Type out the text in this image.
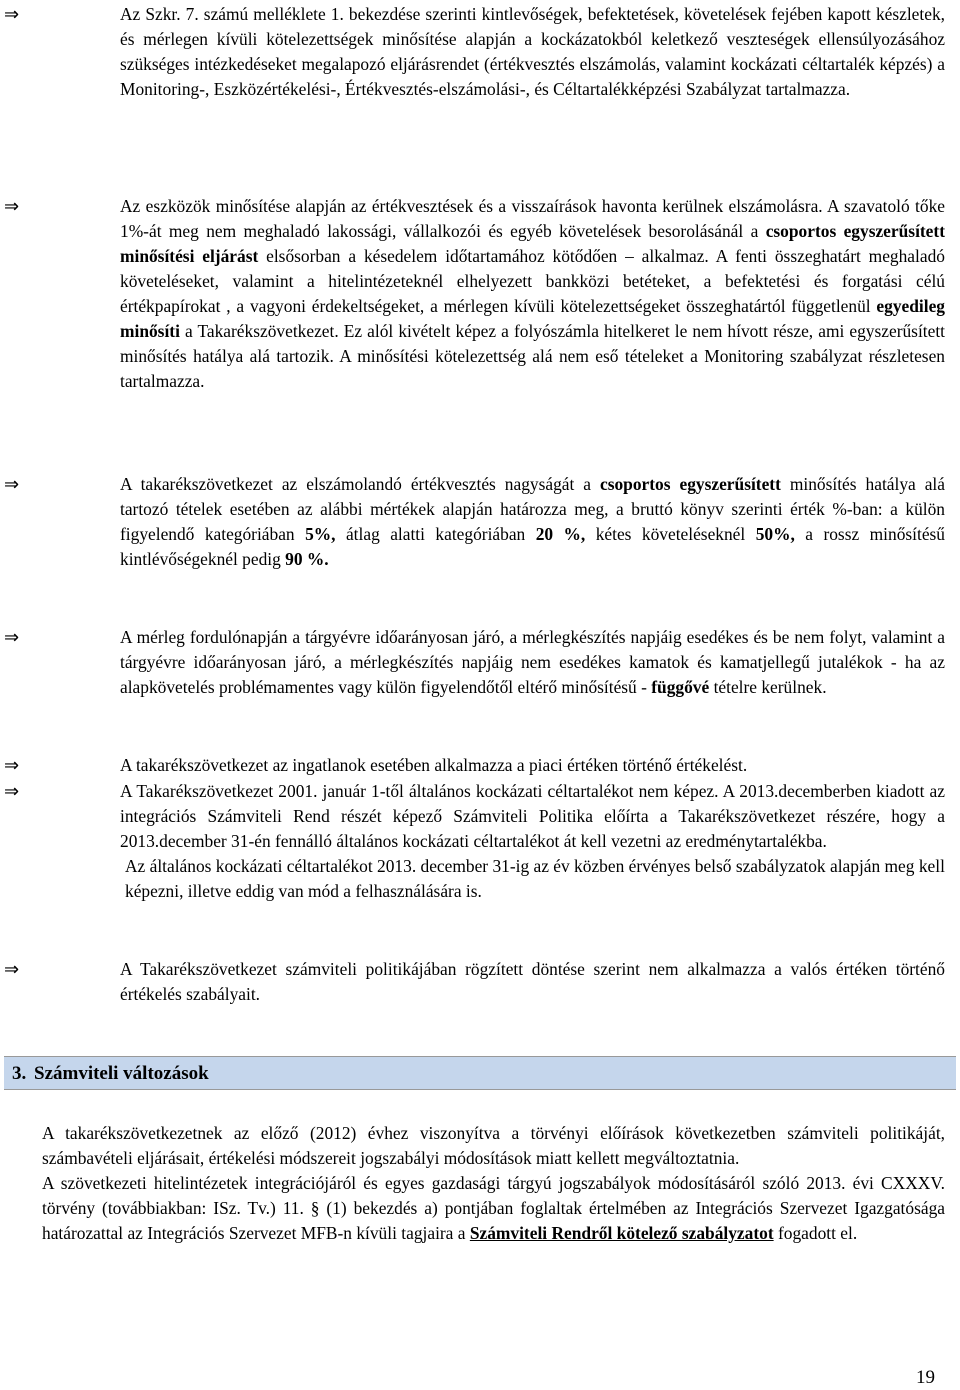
⇒	Az Szkr. 7. számú melléklete 1. bekezdése szerinti kintlevőségek, befektetések, követelések fejében kapott készletek, és mérlegen kívüli kötelezettségek minősítése alapján a kockázatokból keletkező veszteségek ellensúlyozásához szükséges intézkedéseket megalapozó eljárásrendet (értékvesztés elszámolás, valamint kockázati céltartalék képzés) a Monitoring-, Eszközértékelési-, Értékvesztés-elszámolási-, és Céltartalékképzési Szabályzat tartalmazza.

⇒	Az eszközök minősítése alapján az értékvesztések és a visszaírások havonta kerülnek elszámolásra. A szavatoló tőke 1%-át meg nem meghaladó lakossági, vállalkozói és egyéb követelések besorolásánál a csoportos egyszerűsített minősítési eljárást elsősorban a késedelem időtartamához kötődően – alkalmaz. A fenti összeghatárt meghaladó követeléseket, valamint a hitelintézeteknél elhelyezett bankközi betéteket, a befektetési és forgatási célú értékpapírokat , a vagyoni érdekeltségeket, a mérlegen kívüli kötelezettségeket összeghatártól függetlenül egyedileg minősíti a Takarékszövetkezet. Ez alól kivételt képez a folyószámla hitelkeret le nem hívott része, ami egyszerűsített minősítés hatálya alá tartozik. A minősítési kötelezettség alá nem eső tételeket a Monitoring szabályzat részletesen tartalmazza.

⇒	A takarékszövetkezet az elszámolandó értékvesztés nagyságát a csoportos egyszerűsített minősítés hatálya alá tartozó tételek esetében az alábbi mértékek alapján határozza meg, a bruttó könyv szerinti érték %-ban: a külön figyelendő kategóriában 5%, átlag alatti kategóriában 20 %, kétes követeléseknél 50%, a rossz minősítésű kintlévőségeknél pedig 90 %.

⇒	A mérleg fordulónapján a tárgyévre időarányosan járó, a mérlegkészítés napjáig esedékes és be nem folyt, valamint a tárgyévre időarányosan járó, a mérlegkészítés napjáig nem esedékes kamatok és kamatjellegű jutalékok - ha az alapkövetelés problémamentes vagy külön figyelendőtől eltérő minősítésű - függővé tételre kerülnek.

⇒	A takarékszövetkezet az ingatlanok esetében alkalmazza a piaci értéken történő értékelést.

⇒	A Takarékszövetkezet 2001. január 1-től általános kockázati céltartalékot nem képez. A 2013.decemberben kiadott az integrációs Számviteli Rend részét képező Számviteli Politika előírta a Takarékszövetkezet részére, hogy a 2013.december 31-én fennálló általános kockázati céltartalékot át kell vezetni az eredménytartalékba.

Az általános kockázati céltartalékot 2013. december 31-ig az év közben érvényes belső szabályzatok alapján meg kell képezni, illetve eddig van mód a felhasználására is.

⇒	A Takarékszövetkezet számviteli politikájában rögzített döntése szerint nem alkalmazza a valós értéken történő értékelés szabályait.

3. Számviteli változások

A takarékszövetkezetnek az előző (2012) évhez viszonyítva a törvényi előírások következetben számviteli politikáját, számbavételi eljárásait, értékelési módszereit jogszabályi módosítások miatt kellett megváltoztatnia.

A szövetkezeti hitelintézetek integrációjáról és egyes gazdasági tárgyú jogszabályok módosításáról szóló 2013. évi CXXXV. törvény (továbbiakban: ISz. Tv.) 11. § (1) bekezdés a) pontjában foglaltak értelmében az Integrációs Szervezet Igazgatósága határozattal az Integrációs Szervezet MFB-n kívüli tagjaira a Számviteli Rendről kötelező szabályzatot fogadott el.

19
